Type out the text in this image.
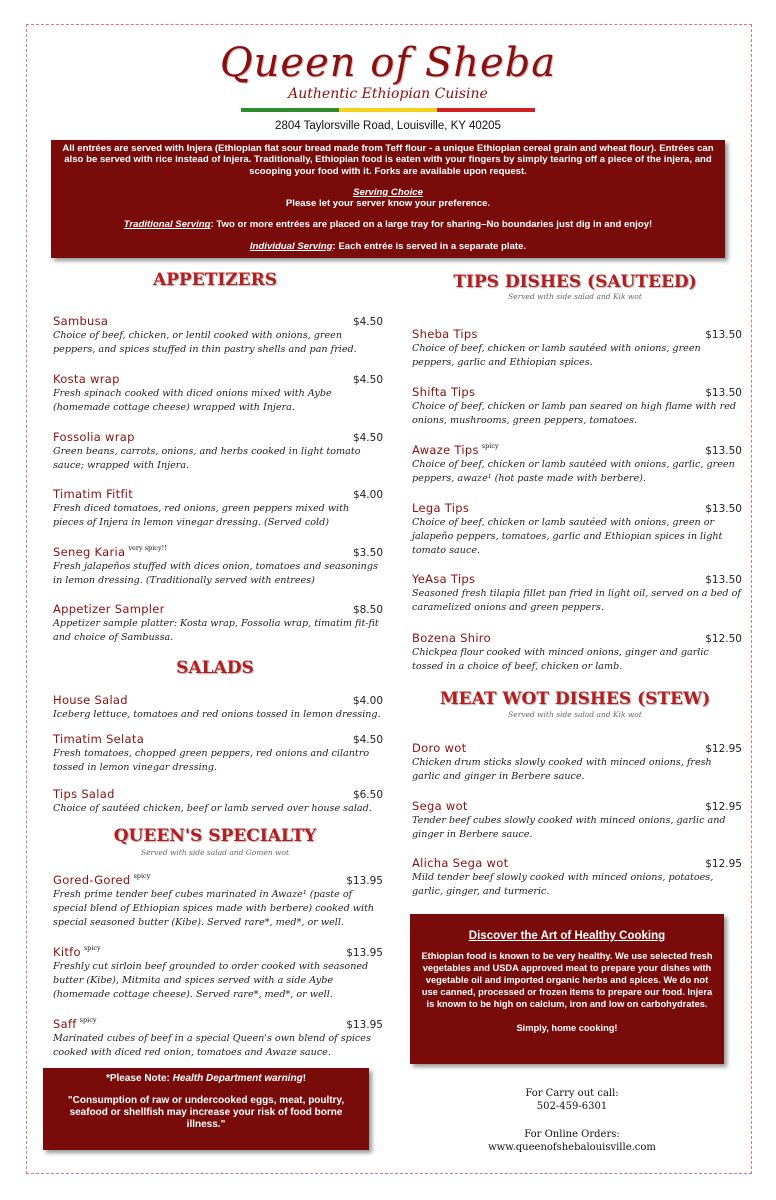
Queen of Sheba
Authentic Ethiopian Cuisine
2804 Taylorsville Road, Louisville, KY 40205
All entrées are served with Injera (Ethiopian flat sour bread made from Teff flour - a unique Ethiopian cereal grain and wheat flour). Entrées can also be served with rice instead of Injera. Traditionally, Ethiopian food is eaten with your fingers by simply tearing off a piece of the injera, and scooping your food with it. Forks are available upon request.
Serving Choice
Please let your server know your preference.
Traditional Serving: Two or more entrées are placed on a large tray for sharing–No boundaries just dig in and enjoy!
Individual Serving: Each entrée is served in a separate plate.
APPETIZERS
Sambusa	$4.50
Choice of beef, chicken, or lentil cooked with onions, green peppers, and spices stuffed in thin pastry shells and pan fried.
Kosta wrap	$4.50
Fresh spinach cooked with diced onions mixed with Aybe (homemade cottage cheese) wrapped with Injera.
Fossolia wrap	$4.50
Green beans, carrots, onions, and herbs cooked in light tomato sauce; wrapped with Injera.
Timatim Fitfit	$4.00
Fresh diced tomatoes, red onions, green peppers mixed with pieces of Injera in lemon vinegar dressing. (Served cold)
Seneg Karia $^{very spicy!!}$	$3.50
Fresh jalapeños stuffed with dices onion, tomatoes and seasonings in lemon dressing. (Traditionally served with entrees)
Appetizer Sampler	$8.50
Appetizer sample platter: Kosta wrap, Fossolia wrap, timatim fit-fit and choice of Sambussa.
SALADS
House Salad	$4.00
Iceberg lettuce, tomatoes and red onions tossed in lemon dressing.
Timatim Selata	$4.50
Fresh tomatoes, chopped green peppers, red onions and cilantro tossed in lemon vinegar dressing.
Tips Salad	$6.50
Choice of sautéed chicken, beef or lamb served over house salad.
QUEEN'S SPECIALTY
Served with side salad and Gomen wot
Gored-Gored $^{spicy}$	$13.95
Fresh prime tender beef cubes marinated in Awaze¹ (paste of special blend of Ethiopian spices made with berbere) cooked with special seasoned butter (Kibe). Served rare*, med*, or well.
Kitfo $^{spicy}$	$13.95
Freshly cut sirloin beef grounded to order cooked with seasoned butter (Kibe), Mitmita and spices served with a side Aybe (homemade cottage cheese). Served rare*, med*, or well.
Saff $^{spicy}$	$13.95
Marinated cubes of beef in a special Queen's own blend of spices cooked with diced red onion, tomatoes and Awaze sauce.
TIPS DISHES (SAUTEED)
Served with side salad and Kik wot
Sheba Tips	$13.50
Choice of beef, chicken or lamb sautéed with onions, green peppers, garlic and Ethiopian spices.
Shifta Tips	$13.50
Choice of beef, chicken or lamb pan seared on high flame with red onions, mushrooms, green peppers, tomatoes.
Awaze Tips $^{spicy}$	$13.50
Choice of beef, chicken or lamb sautéed with onions, garlic, green peppers, awaze¹ (hot paste made with berbere).
Lega Tips	$13.50
Choice of beef, chicken or lamb sautéed with onions, green or jalapeño peppers, tomatoes, garlic and Ethiopian spices in light tomato sauce.
YeAsa Tips	$13.50
Seasoned fresh tilapia fillet pan fried in light oil, served on a bed of caramelized onions and green peppers.
Bozena Shiro	$12.50
Chickpea flour cooked with minced onions, ginger and garlic tossed in a choice of beef, chicken or lamb.
MEAT WOT DISHES (STEW)
Served with side salad and Kik wot
Doro wot	$12.95
Chicken drum sticks slowly cooked with minced onions, fresh garlic and ginger in Berbere sauce.
Sega wot	$12.95
Tender beef cubes slowly cooked with minced onions, garlic and ginger in Berbere sauce.
Alicha Sega wot	$12.95
Mild tender beef slowly cooked with minced onions, potatoes, garlic, ginger, and turmeric.
Discover the Art of Healthy Cooking
Ethiopian food is known to be very healthy. We use selected fresh vegetables and USDA approved meat to prepare your dishes with vegetable oil and imported organic herbs and spices. We do not use canned, processed or frozen items to prepare our food. Injera is known to be high on calcium, iron and low on carbohydrates.
Simply, home cooking!
*Please Note: Health Department warning!
"Consumption of raw or undercooked eggs, meat, poultry, seafood or shellfish may increase your risk of food borne illness."
For Carry out call:
502-459-6301
For Online Orders:
www.queenofshebalouisville.com
